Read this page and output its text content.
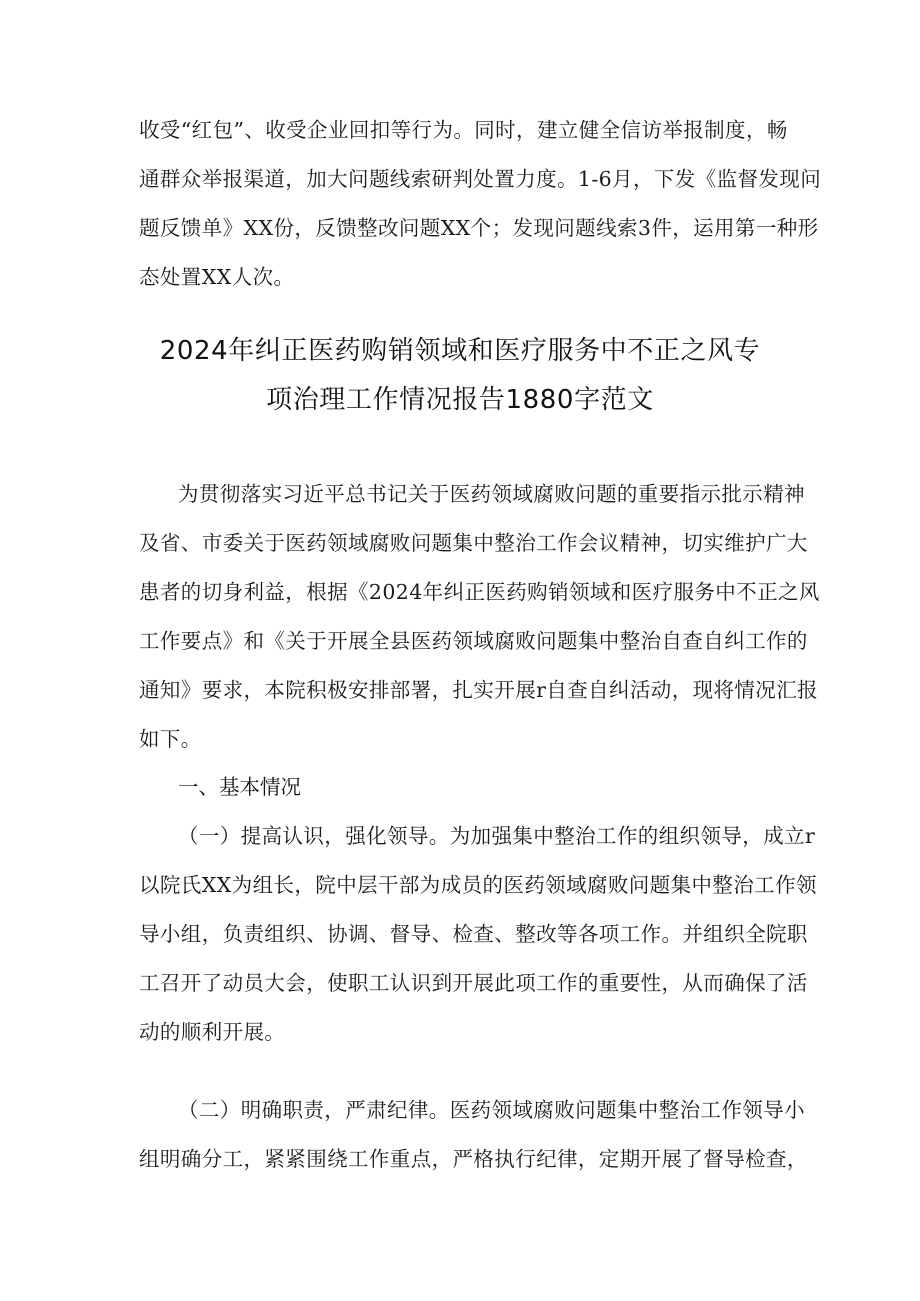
收受“红包”、收受企业回扣等行为。同时，建立健全信访举报制度，畅
通群众举报渠道，加大问题线索研判处置力度。1-6月，下发《监督发现问
题反馈单》XX份，反馈整改问题XX个；发现问题线索3件，运用第一种形
态处置XX人次。
2024年纠正医药购销领域和医疗服务中不正之风专
项治理工作情况报告1880字范文
为贯彻落实习近平总书记关于医药领域腐败问题的重要指示批示精神
及省、市委关于医药领域腐败问题集中整治工作会议精神，切实维护广大
患者的切身利益，根据《2024年纠正医药购销领域和医疗服务中不正之风
工作要点》和《关于开展全县医药领域腐败问题集中整治自查自纠工作的
通知》要求，本院积极安排部署，扎实开展r自查自纠活动，现将情况汇报
如下。
一、基本情况
（一）提高认识，强化领导。为加强集中整治工作的组织领导，成立r
以院氏XX为组长，院中层干部为成员的医药领域腐败问题集中整治工作领
导小组，负责组织、协调、督导、检查、整改等各项工作。并组织全院职
工召开了动员大会，使职工认识到开展此项工作的重要性，从而确保了活
动的顺利开展。
（二）明确职责，严肃纪律。医药领域腐败问题集中整治工作领导小
组明确分工，紧紧围绕工作重点，严格执行纪律，定期开展了督导检查，
